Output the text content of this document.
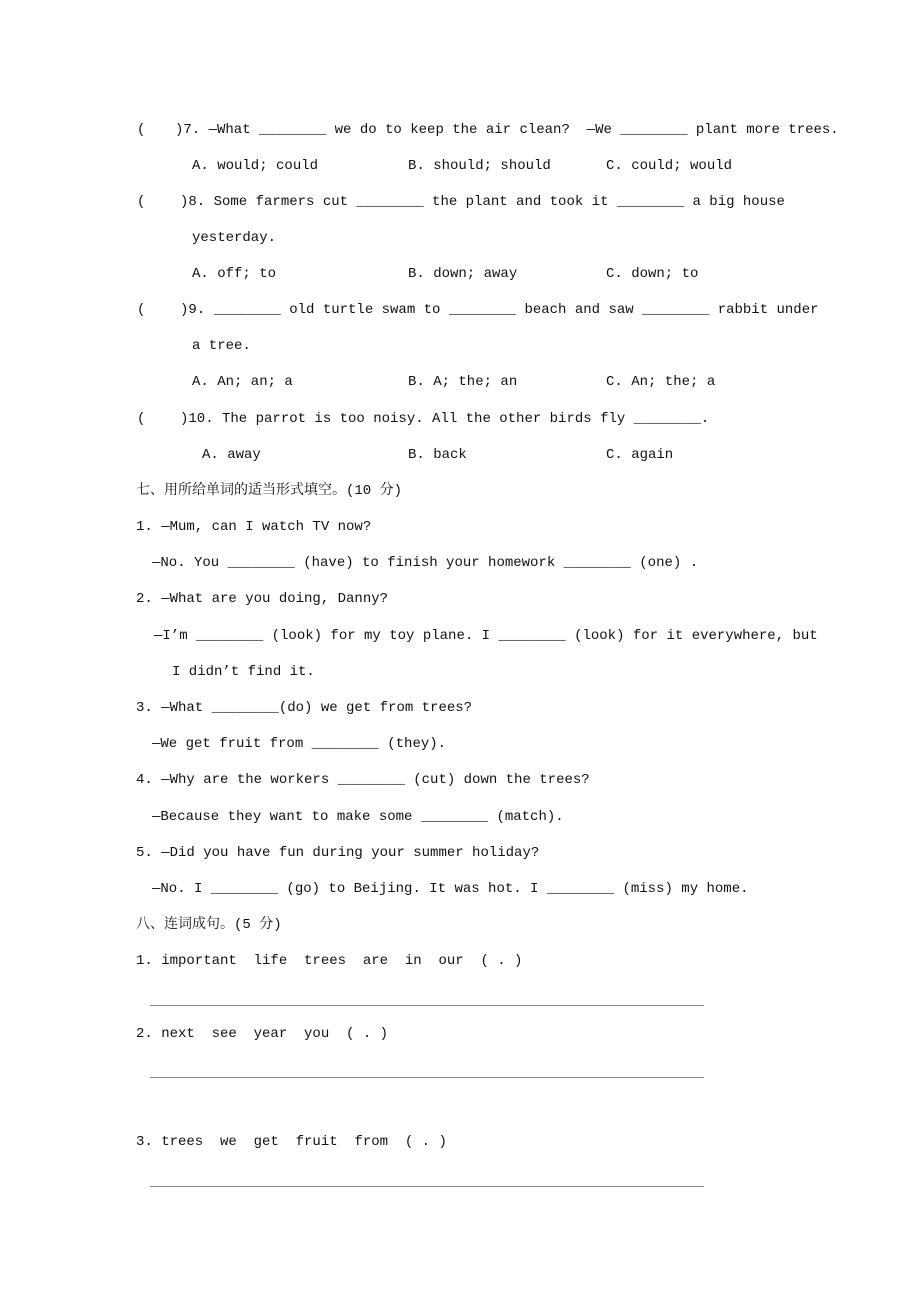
( )7. —What ________ we do to keep the air clean?  —We ________ plant more trees.
A. would; could	B. should; should	C. could; would
( )8. Some farmers cut ________ the plant and took it ________ a big house
yesterday.
A. off; to	B. down; away	C. down; to
( )9. ________ old turtle swam to ________ beach and saw ________ rabbit under
a tree.
A. An; an; a	B. A; the; an	C. An; the; a
( )10. The parrot is too noisy. All the other birds fly ________.
A. away	B. back	C. again
七、用所给单词的适当形式填空。(10 分)
1. —Mum, can I watch TV now?
—No. You ________ (have) to finish your homework ________ (one) .
2. —What are you doing, Danny?
—I’m ________ (look) for my toy plane. I ________ (look) for it everywhere, but
I didn’t find it.
3. —What ________(do) we get from trees?
—We get fruit from ________ (they).
4. —Why are the workers ________ (cut) down the trees?
—Because they want to make some ________ (match).
5. —Did you have fun during your summer holiday?
—No. I ________ (go) to Beijing. It was hot. I ________ (miss) my home.
八、连词成句。(5 分)
1. important  life  trees  are  in  our  ( . )
2. next  see  year  you  ( . )
3. trees  we  get  fruit  from  ( . )
